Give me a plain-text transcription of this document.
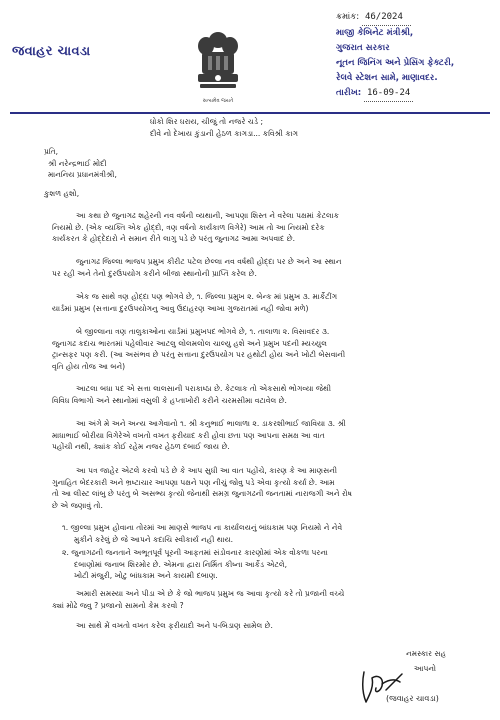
જવાહર ચાવડા
સત્યમેવ જયતે
ક્રમાંક: 46/2024
માજી કેબિનેટ મંત્રીશ્રી,
ગુજરાત સરકાર
નૂતન જિનિંગ અને પ્રેસિંગ ફેક્ટરી,
રેલવે સ્ટેશન સામે, માણાવદર.
તારીખ: 16-09-24
ધોકો શિર ધરાય, ચીજું તો નજરે ચડે ;
દીવે નો દેખાય કુંડાની હેઠળ કાગડા... કવિશ્રી કાગ
પ્રતિ,
શ્રી નરેન્દ્રભાઈ મોદી
માનનિય પ્રધાનમંત્રીશ્રી,
કુશળ હશો,
આ કથા છે જુનાગઢ શહેરની નવ વર્ષની વ્યથાની, આપણા શિસ્ત ને વરેલા પક્ષમાં કેટલાક
નિયમો છે. (એક વ્યક્તિ એક હોદ્દો, ત્રણ વર્ષનો કાર્યકાળ વિગેરે) આમ તો આ નિયમો દરેક
કાર્યકરત કે હોદ્દેદારો ને સમાન રીતે લાગુ પડે છે પરંતુ જુનાગઢ આમા અપવાદ છે.
જુનાગઢ જિલ્લા ભાજપ પ્રમુખ કીરીટ પટેલ છેલ્લા નવ વર્ષથી હોદ્દા પર છે અને આ સ્થાન
પર રહી અને તેનો દુરઉપયોગ કરીને બીજા સ્થાનોની પ્રાપ્તિ કરેલ છે.
એક જ સાથે ત્રણ હોદ્દા પણ ભોગવે છે, ૧. જિલ્લા પ્રમુખ ૨. બેન્ક માં પ્રમુખ ૩. માર્કેટીંગ
યાર્ડમાં પ્રમુખ (સત્તાના દુરઉપયોગનુ આવુ ઉદાહરણ આખા ગુજરાતમાં નહી જોવા મળે)
બે જીલ્લાના ત્રણ તાલુકાઓના યાર્ડમાં પ્રમુખપદ ભોગવે છે, ૧. તાલાળા ૨. વિસાવદર ૩.
જુનાગઢ કદાચ ભારતમાં પહેલીવાર આટલુ લોલમલોલ ચાલ્યુ હશે અને પ્રમુખ પદની મ્યચ્યુલ
ટ્રાન્સફર પણ કરી. (આ અસંભવ છે પરંતુ સત્તાના દુરઉપયોગ પર હથોટી હોય અને ખોટી બેસવાની
વૃતિ હોય તોજ આ બને)
આટલા બધા પદ એ સત્તા લાલસાની પરાકાષ્ઠા છે. કેટલાક તો એકસાથે ભોગવ્યા જેથી
વિવિધ વિભાગો અને સ્થાનોમાં વસુલી કે હપ્તાખોરી કરીને ચરમસીમા વટાવેલ છે.
આ અંગે મે અને અન્ય આગેવાનો ૧. શ્રી કનુભાઈ ભાલાળા ૨. ડાકરશીભાઈ જાવિયા ૩. શ્રી
માધાભાઈ બોરીયા વિગેરેએ વખતો વખત ફરીયાદ કરી હોવા છતા પણ આપના સમક્ષ આ વાત
પહોંચી નથી, ક્યાંક કોઈ રહેમ નજર હેઠળ દબાઈ જાય છે.
આ પત્ર જાહેર એટલે કરવો પડે છે કે આપ સુધી આ વાત પહોંચે, કારણ કે આ માણસની
ગુનાહિત બેદરકારી અને ભ્રષ્ટાચાર આપણા પક્ષને પણ નીચું જોવુ પડે એવા કૃત્યો કર્યા છે. આમ
તો આ લીસ્ટ લાંબુ છે પરંતુ બે અસભ્ય કૃત્યો જેનાથી સમગ્ર જુનાગઢની જનતામાં નારાજગી અને રોષ
છે એ જણાવું તો.
૧. જીલ્લા પ્રમુખ હોવાના તોરમાં આ માણસે ભાજપ ના કાર્યાલયનું બાંધકામ પણ નિયમો ને નેવે
મુકીને કરેલું છે જે આપને કદાચિ સ્વીકાર્ય નહી થાય.
૨. જુનાગઢની જનતાને અભૂતપૂર્વ પૂરની આફતમાં સંડોવનાર કારણોમાં એક વોકળા પરના
દબાણોમાં જનાબ શિરમોર છે. એમના દ્વારા નિર્મિત કીષ્ના આર્કેડ એટલે,
ખોટી મંજુરી, ખોટુ બાંધકામ અને કાયમી દબાણ.
અમારી સમસ્યા અને પીડા એ છે કે જો ભાજપ પ્રમુખ જ આવા કૃત્યો કરે તો પ્રજાની વચ્ચે
ક્યાં મોઢે જવુ ? પ્રજાનો સામનો કેમ કરવો ?
આ સાથે મેં વખતો વખત કરેલ ફરીયાદો અને પ-બિડાણ સામેલ છે.
નમસ્કાર સહ
આપનો
(જવાહર ચાવડા)
